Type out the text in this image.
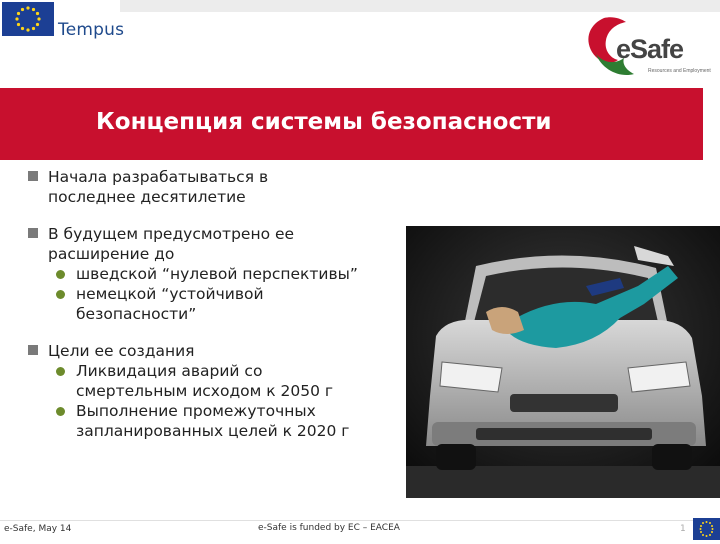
Tempus
eSafe
Resources and Employment
Концепция системы безопасности
Начала разрабатываться в
последнее десятилетие
В будущем предусмотрено ее
расширение до
шведской “нулевой перспективы”
немецкой “устойчивой
безопасности”
Цели ее создания
Ликвидация аварий со
смертельным исходом к 2050 г
Выполнение промежуточных
запланированных целей к 2020 г
e-Safe, May 14	e-Safe is funded by EC – EACEA	1
